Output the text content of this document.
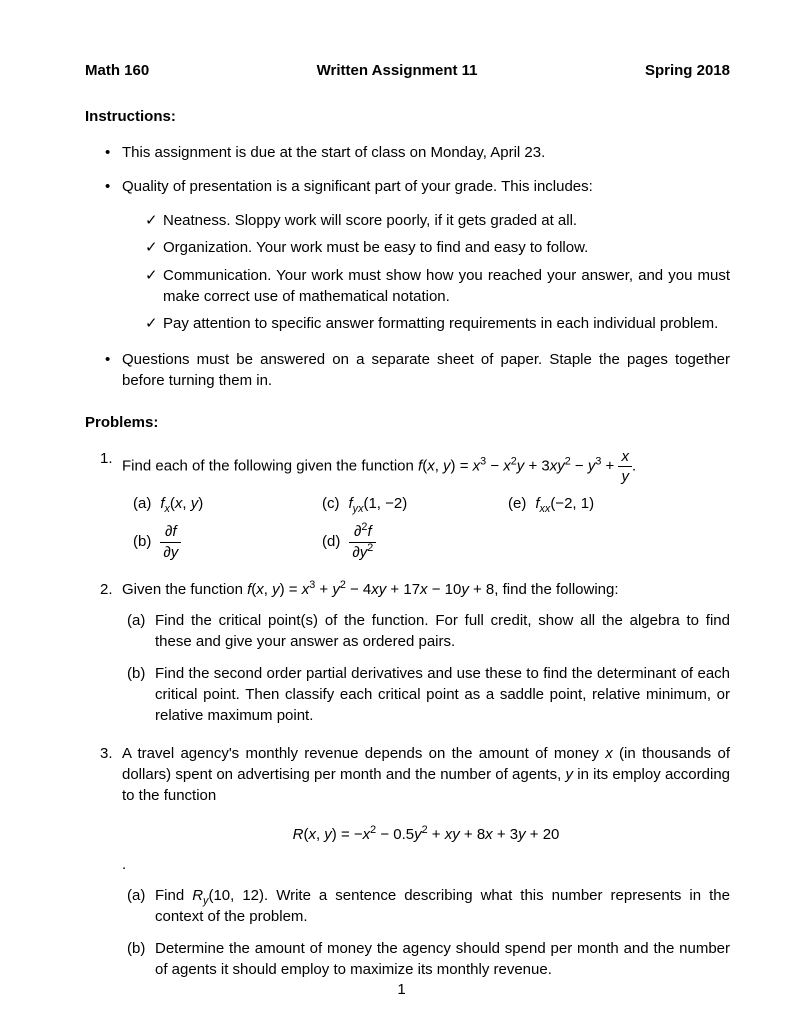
Math 160	Written Assignment 11	Spring 2018
Instructions:
• This assignment is due at the start of class on Monday, April 23.
• Quality of presentation is a significant part of your grade. This includes:
✓ Neatness. Sloppy work will score poorly, if it gets graded at all.
✓ Organization. Your work must be easy to find and easy to follow.
✓ Communication. Your work must show how you reached your answer, and you must make correct use of mathematical notation.
✓ Pay attention to specific answer formatting requirements in each individual problem.
• Questions must be answered on a separate sheet of paper. Staple the pages together before turning them in.
Problems:
1. Find each of the following given the function f(x, $y) = x^3 - x^2y + 3xy^2 - y^3 + \frac{x}{y}$ .
(a) $f_x(x$, y)	(c) $f_{yx}(1$, −2)	(e) $f_{xx}(-2$, 1)
$(b) \frac{\partial f}{\partial y}$	$(d) \frac{\partial^2f}{\partial y^2}$
2. Given the function f(x, $y) = x^3 + y^2 - 4xy + 17x - 10y + 8$, find the following:
(a) Find the critical point(s) of the function. For full credit, show all the algebra to find these and give your answer as ordered pairs.
(b) Find the second order partial derivatives and use these to find the determinant of each critical point. Then classify each critical point as a saddle point, relative minimum, or relative maximum point.
3. A travel agency's monthly revenue depends on the amount of money x (in thousands of dollars) spent on advertising per month and the number of agents, y in its employ according to the function
R(x, $y) = -x^2 - 0.5y^2$ + xy + 8x + 3y + 20
.
(a) Find $R_y(10$, 12). Write a sentence describing what this number represents in the context of the problem.
(b) Determine the amount of money the agency should spend per month and the number of agents it should employ to maximize its monthly revenue.
1
